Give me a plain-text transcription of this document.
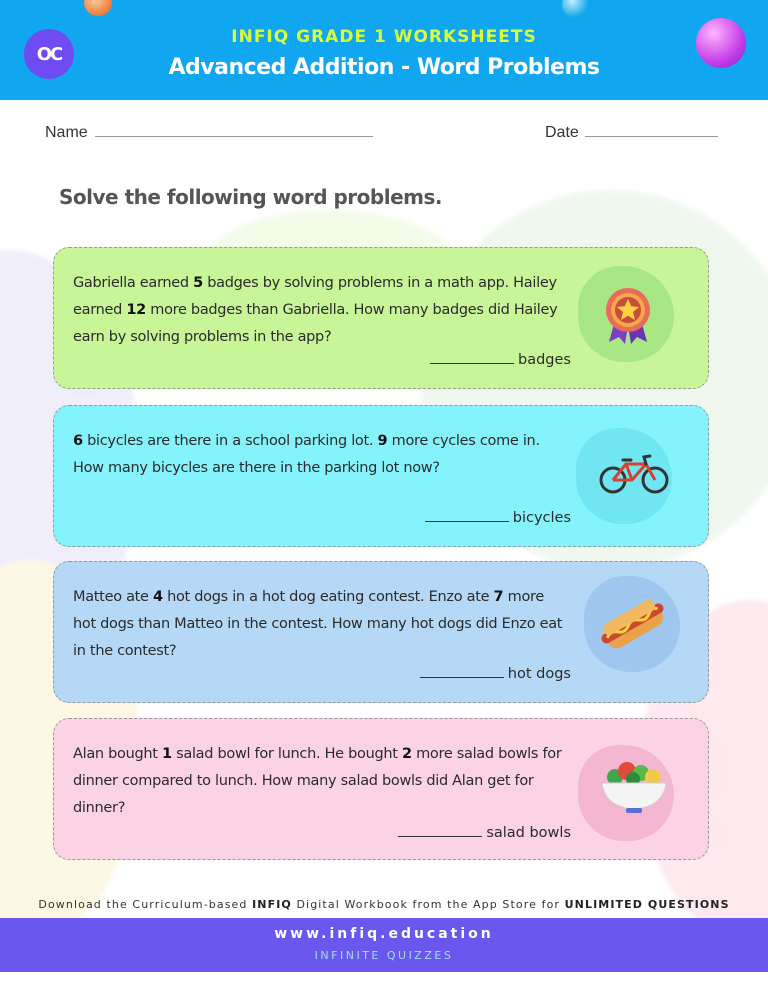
OC
INFIQ GRADE 1 WORKSHEETS
Advanced Addition - Word Problems
Name	Date
Solve the following word problems.

Gabriella earned 5 badges by solving problems in a math app. Hailey earned 12 more badges than Gabriella. How many badges did Hailey earn by solving problems in the app?

badges

6 bicycles are there in a school parking lot. 9 more cycles come in. How many bicycles are there in the parking lot now?

bicycles

Matteo ate 4 hot dogs in a hot dog eating contest. Enzo ate 7 more hot dogs than Matteo in the contest. How many hot dogs did Enzo eat in the contest?

hot dogs

Alan bought 1 salad bowl for lunch. He bought 2 more salad bowls for dinner compared to lunch. How many salad bowls did Alan get for dinner?

salad bowls
Download the Curriculum-based INFIQ Digital Workbook from the App Store for UNLIMITED QUESTIONS
www.infiq.education
INFINITE QUIZZES
